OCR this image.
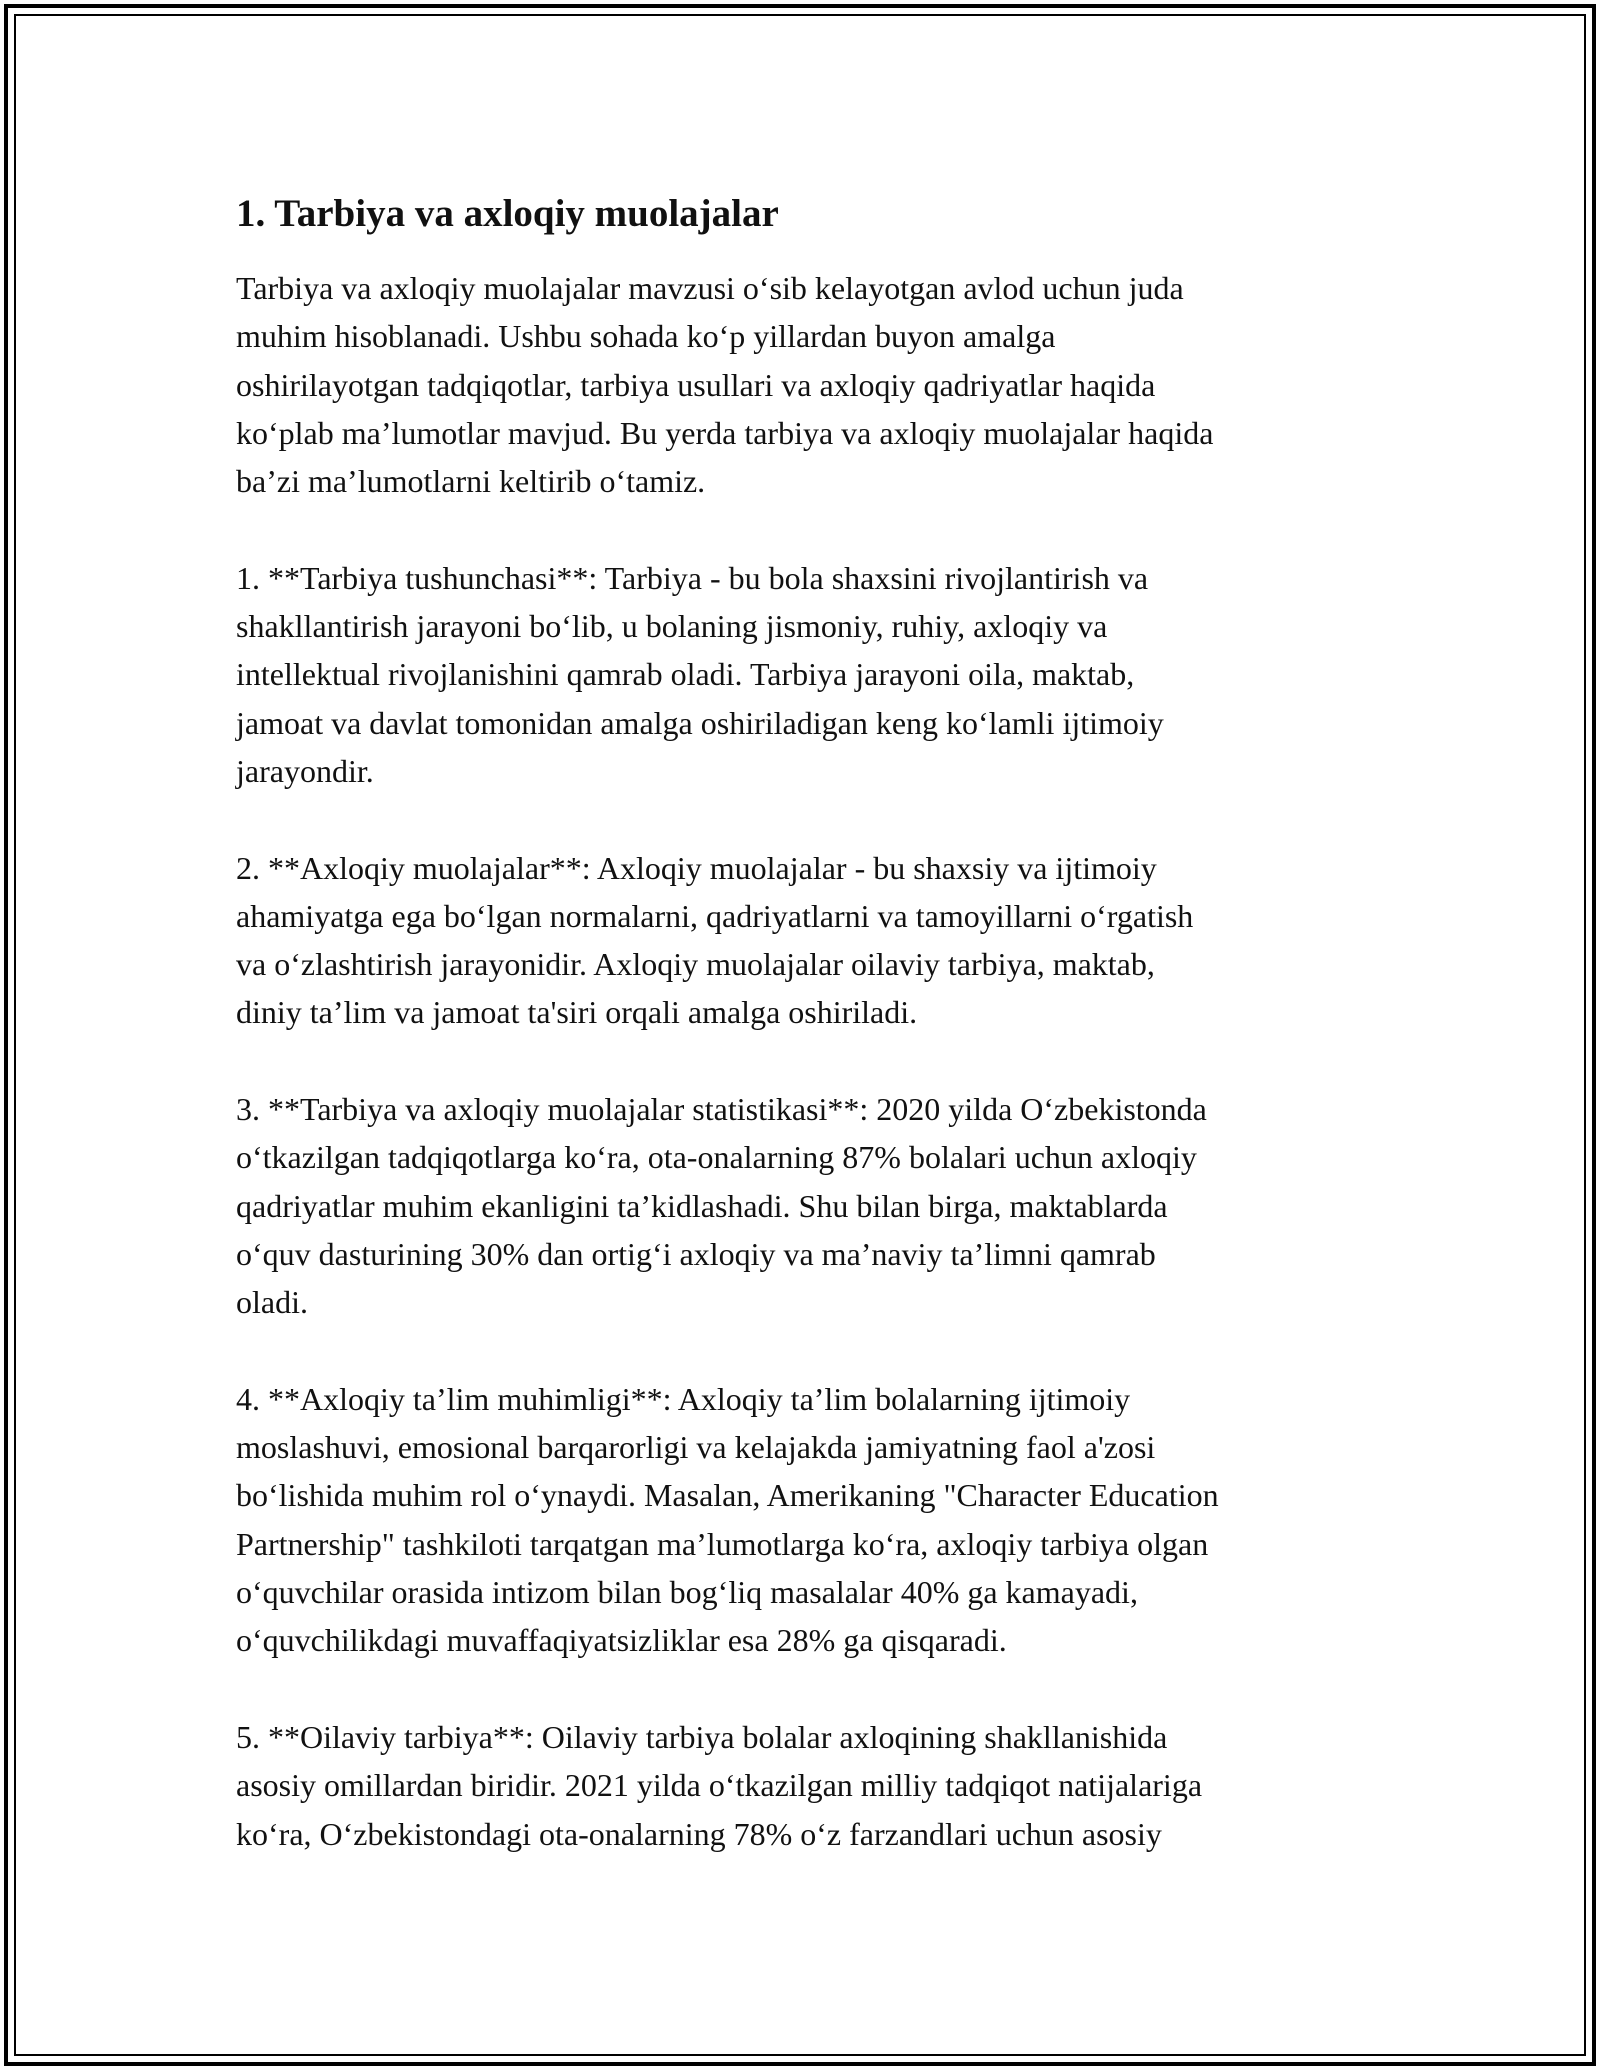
1. Tarbiya va axloqiy muolajalar
Tarbiya va axloqiy muolajalar mavzusi oʻsib kelayotgan avlod uchun juda
muhim hisoblanadi. Ushbu sohada koʻp yillardan buyon amalga
oshirilayotgan tadqiqotlar, tarbiya usullari va axloqiy qadriyatlar haqida
koʻplab maʼlumotlar mavjud. Bu yerda tarbiya va axloqiy muolajalar haqida
baʼzi maʼlumotlarni keltirib oʻtamiz.
1. **Tarbiya tushunchasi**: Tarbiya - bu bola shaxsini rivojlantirish va
shakllantirish jarayoni boʻlib, u bolaning jismoniy, ruhiy, axloqiy va
intellektual rivojlanishini qamrab oladi. Tarbiya jarayoni oila, maktab,
jamoat va davlat tomonidan amalga oshiriladigan keng koʻlamli ijtimoiy
jarayondir.
2. **Axloqiy muolajalar**: Axloqiy muolajalar - bu shaxsiy va ijtimoiy
ahamiyatga ega boʻlgan normalarni, qadriyatlarni va tamoyillarni oʻrgatish
va oʻzlashtirish jarayonidir. Axloqiy muolajalar oilaviy tarbiya, maktab,
diniy taʼlim va jamoat ta'siri orqali amalga oshiriladi.
3. **Tarbiya va axloqiy muolajalar statistikasi**: 2020 yilda Oʻzbekistonda
oʻtkazilgan tadqiqotlarga koʻra, ota-onalarning 87% bolalari uchun axloqiy
qadriyatlar muhim ekanligini taʼkidlashadi. Shu bilan birga, maktablarda
oʻquv dasturining 30% dan ortigʻi axloqiy va maʼnaviy taʼlimni qamrab
oladi.
4. **Axloqiy taʼlim muhimligi**: Axloqiy taʼlim bolalarning ijtimoiy
moslashuvi, emosional barqarorligi va kelajakda jamiyatning faol a'zosi
boʻlishida muhim rol oʻynaydi. Masalan, Amerikaning "Character Education
Partnership" tashkiloti tarqatgan maʼlumotlarga koʻra, axloqiy tarbiya olgan
oʻquvchilar orasida intizom bilan bogʻliq masalalar 40% ga kamayadi,
oʻquvchilikdagi muvaffaqiyatsizliklar esa 28% ga qisqaradi.
5. **Oilaviy tarbiya**: Oilaviy tarbiya bolalar axloqining shakllanishida
asosiy omillardan biridir. 2021 yilda oʻtkazilgan milliy tadqiqot natijalariga
koʻra, Oʻzbekistondagi ota-onalarning 78% oʻz farzandlari uchun asosiy
